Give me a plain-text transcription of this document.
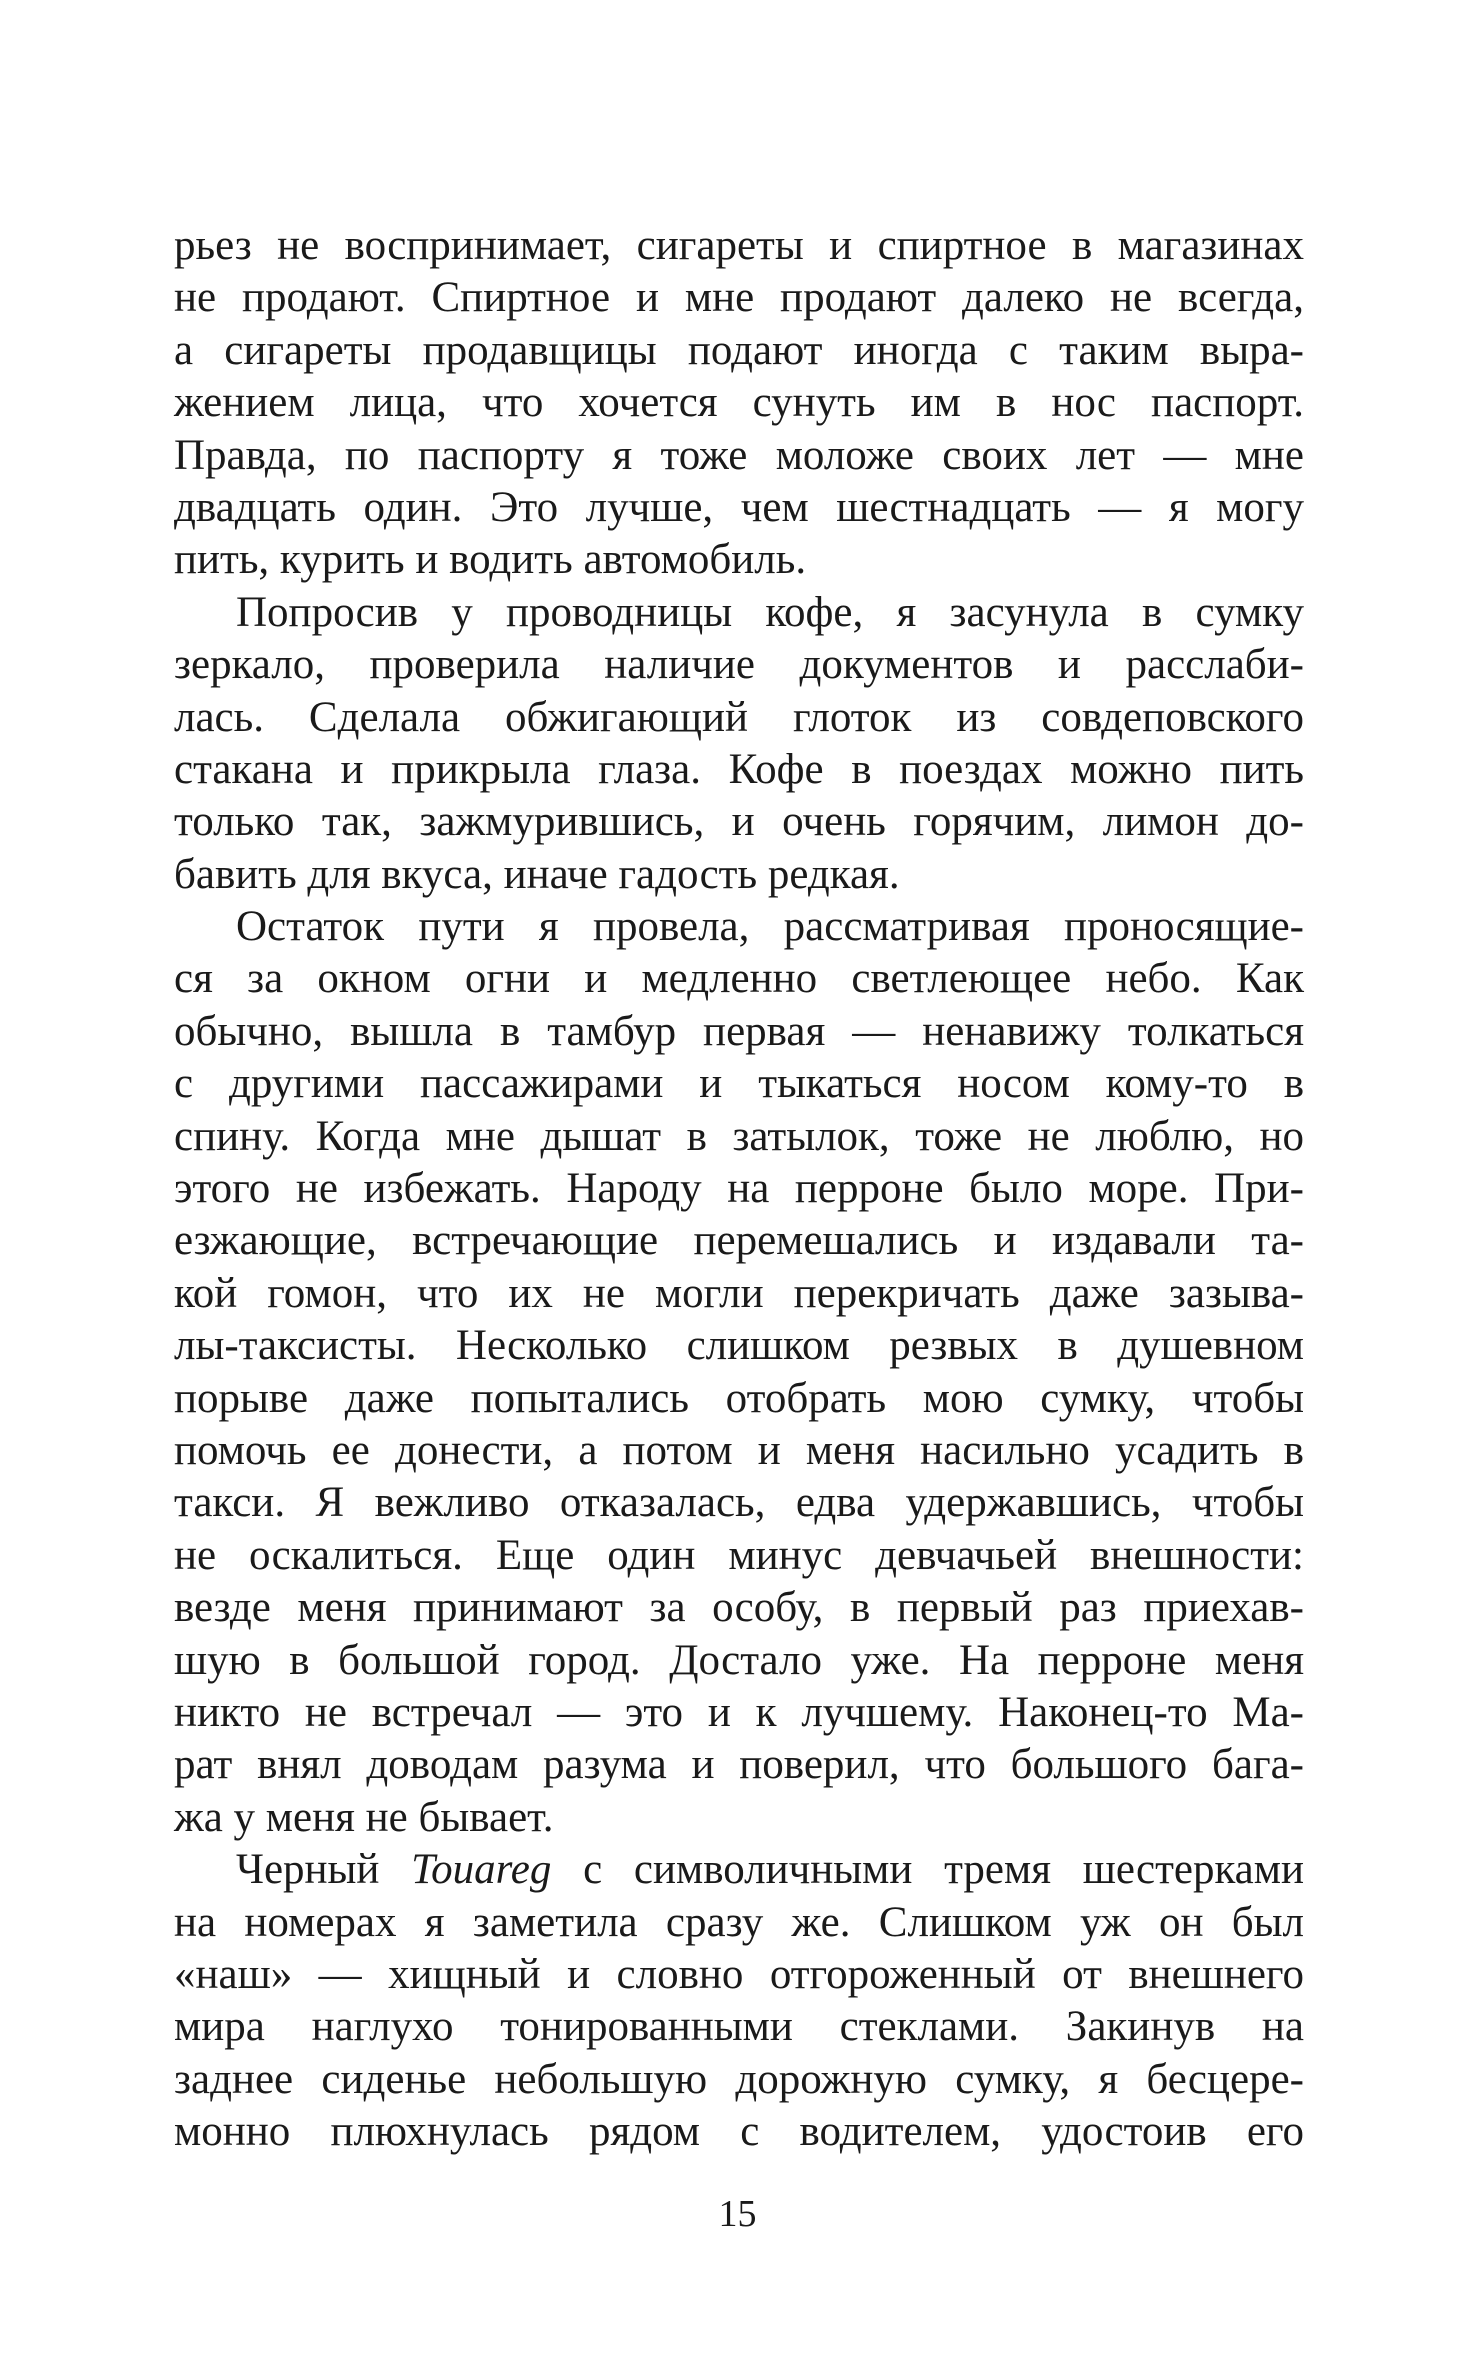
рьез не воспринимает, сигареты и спиртное в магазинах
не продают. Спиртное и мне продают далеко не всегда,
а сигареты продавщицы подают иногда с таким выра-
жением лица, что хочется сунуть им в нос паспорт.
Правда, по паспорту я тоже моложе своих лет — мне
двадцать один. Это лучше, чем шестнадцать — я могу
пить, курить и водить автомобиль.
Попросив у проводницы кофе, я засунула в сумку
зеркало, проверила наличие документов и расслаби-
лась. Сделала обжигающий глоток из совдеповского
стакана и прикрыла глаза. Кофе в поездах можно пить
только так, зажмурившись, и очень горячим, лимон до-
бавить для вкуса, иначе гадость редкая.
Остаток пути я провела, рассматривая проносящие-
ся за окном огни и медленно светлеющее небо. Как
обычно, вышла в тамбур первая — ненавижу толкаться
с другими пассажирами и тыкаться носом кому-то в
спину. Когда мне дышат в затылок, тоже не люблю, но
этого не избежать. Народу на перроне было море. При-
езжающие, встречающие перемешались и издавали та-
кой гомон, что их не могли перекричать даже зазыва-
лы-таксисты. Несколько слишком резвых в душевном
порыве даже попытались отобрать мою сумку, чтобы
помочь ее донести, а потом и меня насильно усадить в
такси. Я вежливо отказалась, едва удержавшись, чтобы
не оскалиться. Еще один минус девчачьей внешности:
везде меня принимают за особу, в первый раз приехав-
шую в большой город. Достало уже. На перроне меня
никто не встречал — это и к лучшему. Наконец-то Ма-
рат внял доводам разума и поверил, что большого бага-
жа у меня не бывает.
Черный Touareg с символичными тремя шестерками
на номерах я заметила сразу же. Слишком уж он был
«наш» — хищный и словно отгороженный от внешнего
мира наглухо тонированными стеклами. Закинув на
заднее сиденье небольшую дорожную сумку, я бесцере-
монно плюхнулась рядом с водителем, удостоив его
15
